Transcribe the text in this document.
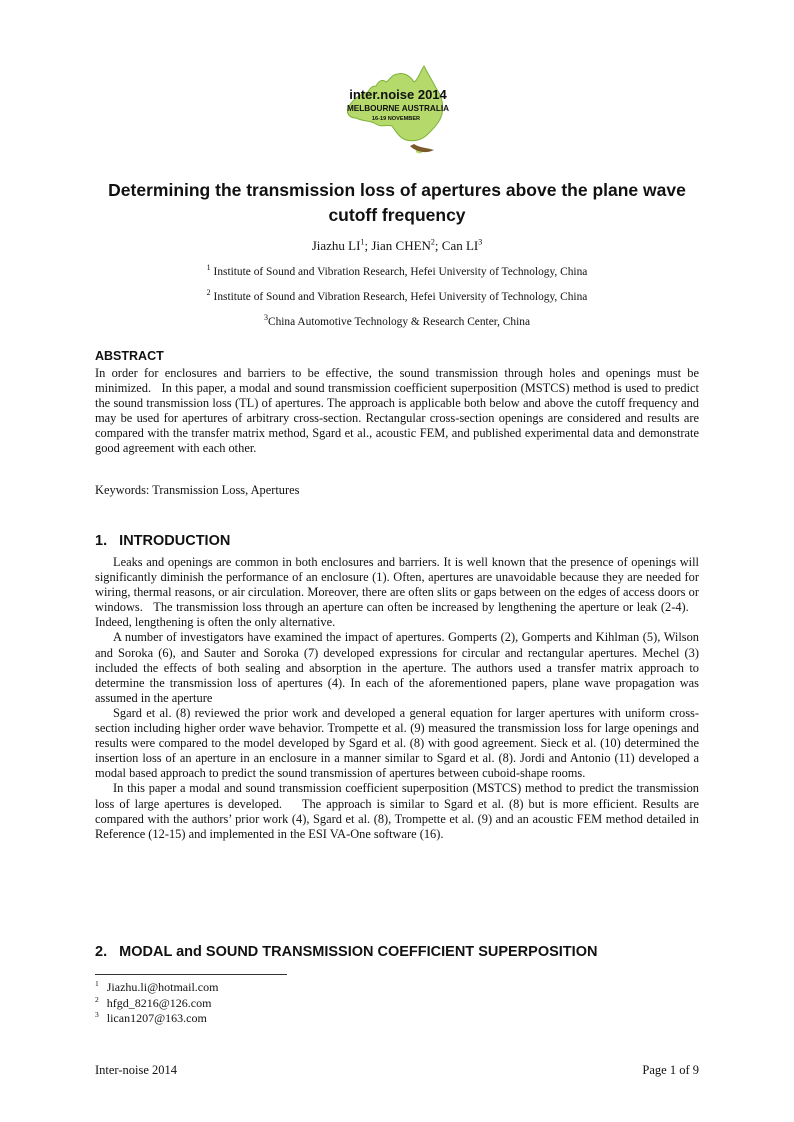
inter.noise 2014
MELBOURNE AUSTRALIA
16-19 NOVEMBER
Determining the transmission loss of apertures above the plane wave cutoff frequency
Jiazhu $LI^1$; Jian CHEN$^2$; Can $LI^3$
$^1$ Institute of Sound and Vibration Research, Hefei University of Technology, China
$^2$ Institute of Sound and Vibration Research, Hefei University of Technology, China
$^3$China Automotive Technology & Research Center, China
ABSTRACT

In order for enclosures and barriers to be effective, the sound transmission through holes and openings must be minimized.   In this paper, a modal and sound transmission coefficient superposition (MSTCS) method is used to predict the sound transmission loss (TL) of apertures. The approach is applicable both below and above the cutoff frequency and may be used for apertures of arbitrary cross-section. Rectangular cross-section openings are considered and results are compared with the transfer matrix method, Sgard et al., acoustic FEM, and published experimental data and demonstrate good agreement with each other.

Keywords: Transmission Loss, Apertures

1.   INTRODUCTION

Leaks and openings are common in both enclosures and barriers. It is well known that the presence of openings will significantly diminish the performance of an enclosure (1). Often, apertures are unavoidable because they are needed for wiring, thermal reasons, or air circulation. Moreover, there are often slits or gaps between on the edges of access doors or windows.   The transmission loss through an aperture can often be increased by lengthening the aperture or leak (2-4).    Indeed, lengthening is often the only alternative.

A number of investigators have examined the impact of apertures. Gomperts (2), Gomperts and Kihlman (5), Wilson and Soroka (6), and Sauter and Soroka (7) developed expressions for circular and rectangular apertures. Mechel (3) included the effects of both sealing and absorption in the aperture. The authors used a transfer matrix approach to determine the transmission loss of apertures (4). In each of the aforementioned papers, plane wave propagation was assumed in the aperture

Sgard et al. (8) reviewed the prior work and developed a general equation for larger apertures with uniform cross-section including higher order wave behavior. Trompette et al. (9) measured the transmission loss for large openings and results were compared to the model developed by Sgard et al. (8) with good agreement. Sieck et al. (10) determined the insertion loss of an aperture in an enclosure in a manner similar to Sgard et al. (8). Jordi and Antonio (11) developed a modal based approach to predict the sound transmission of apertures between cuboid-shape rooms.

In this paper a modal and sound transmission coefficient superposition (MSTCS) method to predict the transmission loss of large apertures is developed.    The approach is similar to Sgard et al. (8) but is more efficient. Results are compared with the authors’ prior work (4), Sgard et al. (8), Trompette et al. (9) and an acoustic FEM method detailed in Reference (12-15) and implemented in the ESI VA-One software (16).

2.   MODAL and SOUND TRANSMISSION COEFFICIENT SUPERPOSITION
$^1$ Jiazhu.li@hotmail.com
$^2$ hfgd_8216@126.com
$^3$ lican1207@163.com
Inter-noise 2014	Page 1 of 9
